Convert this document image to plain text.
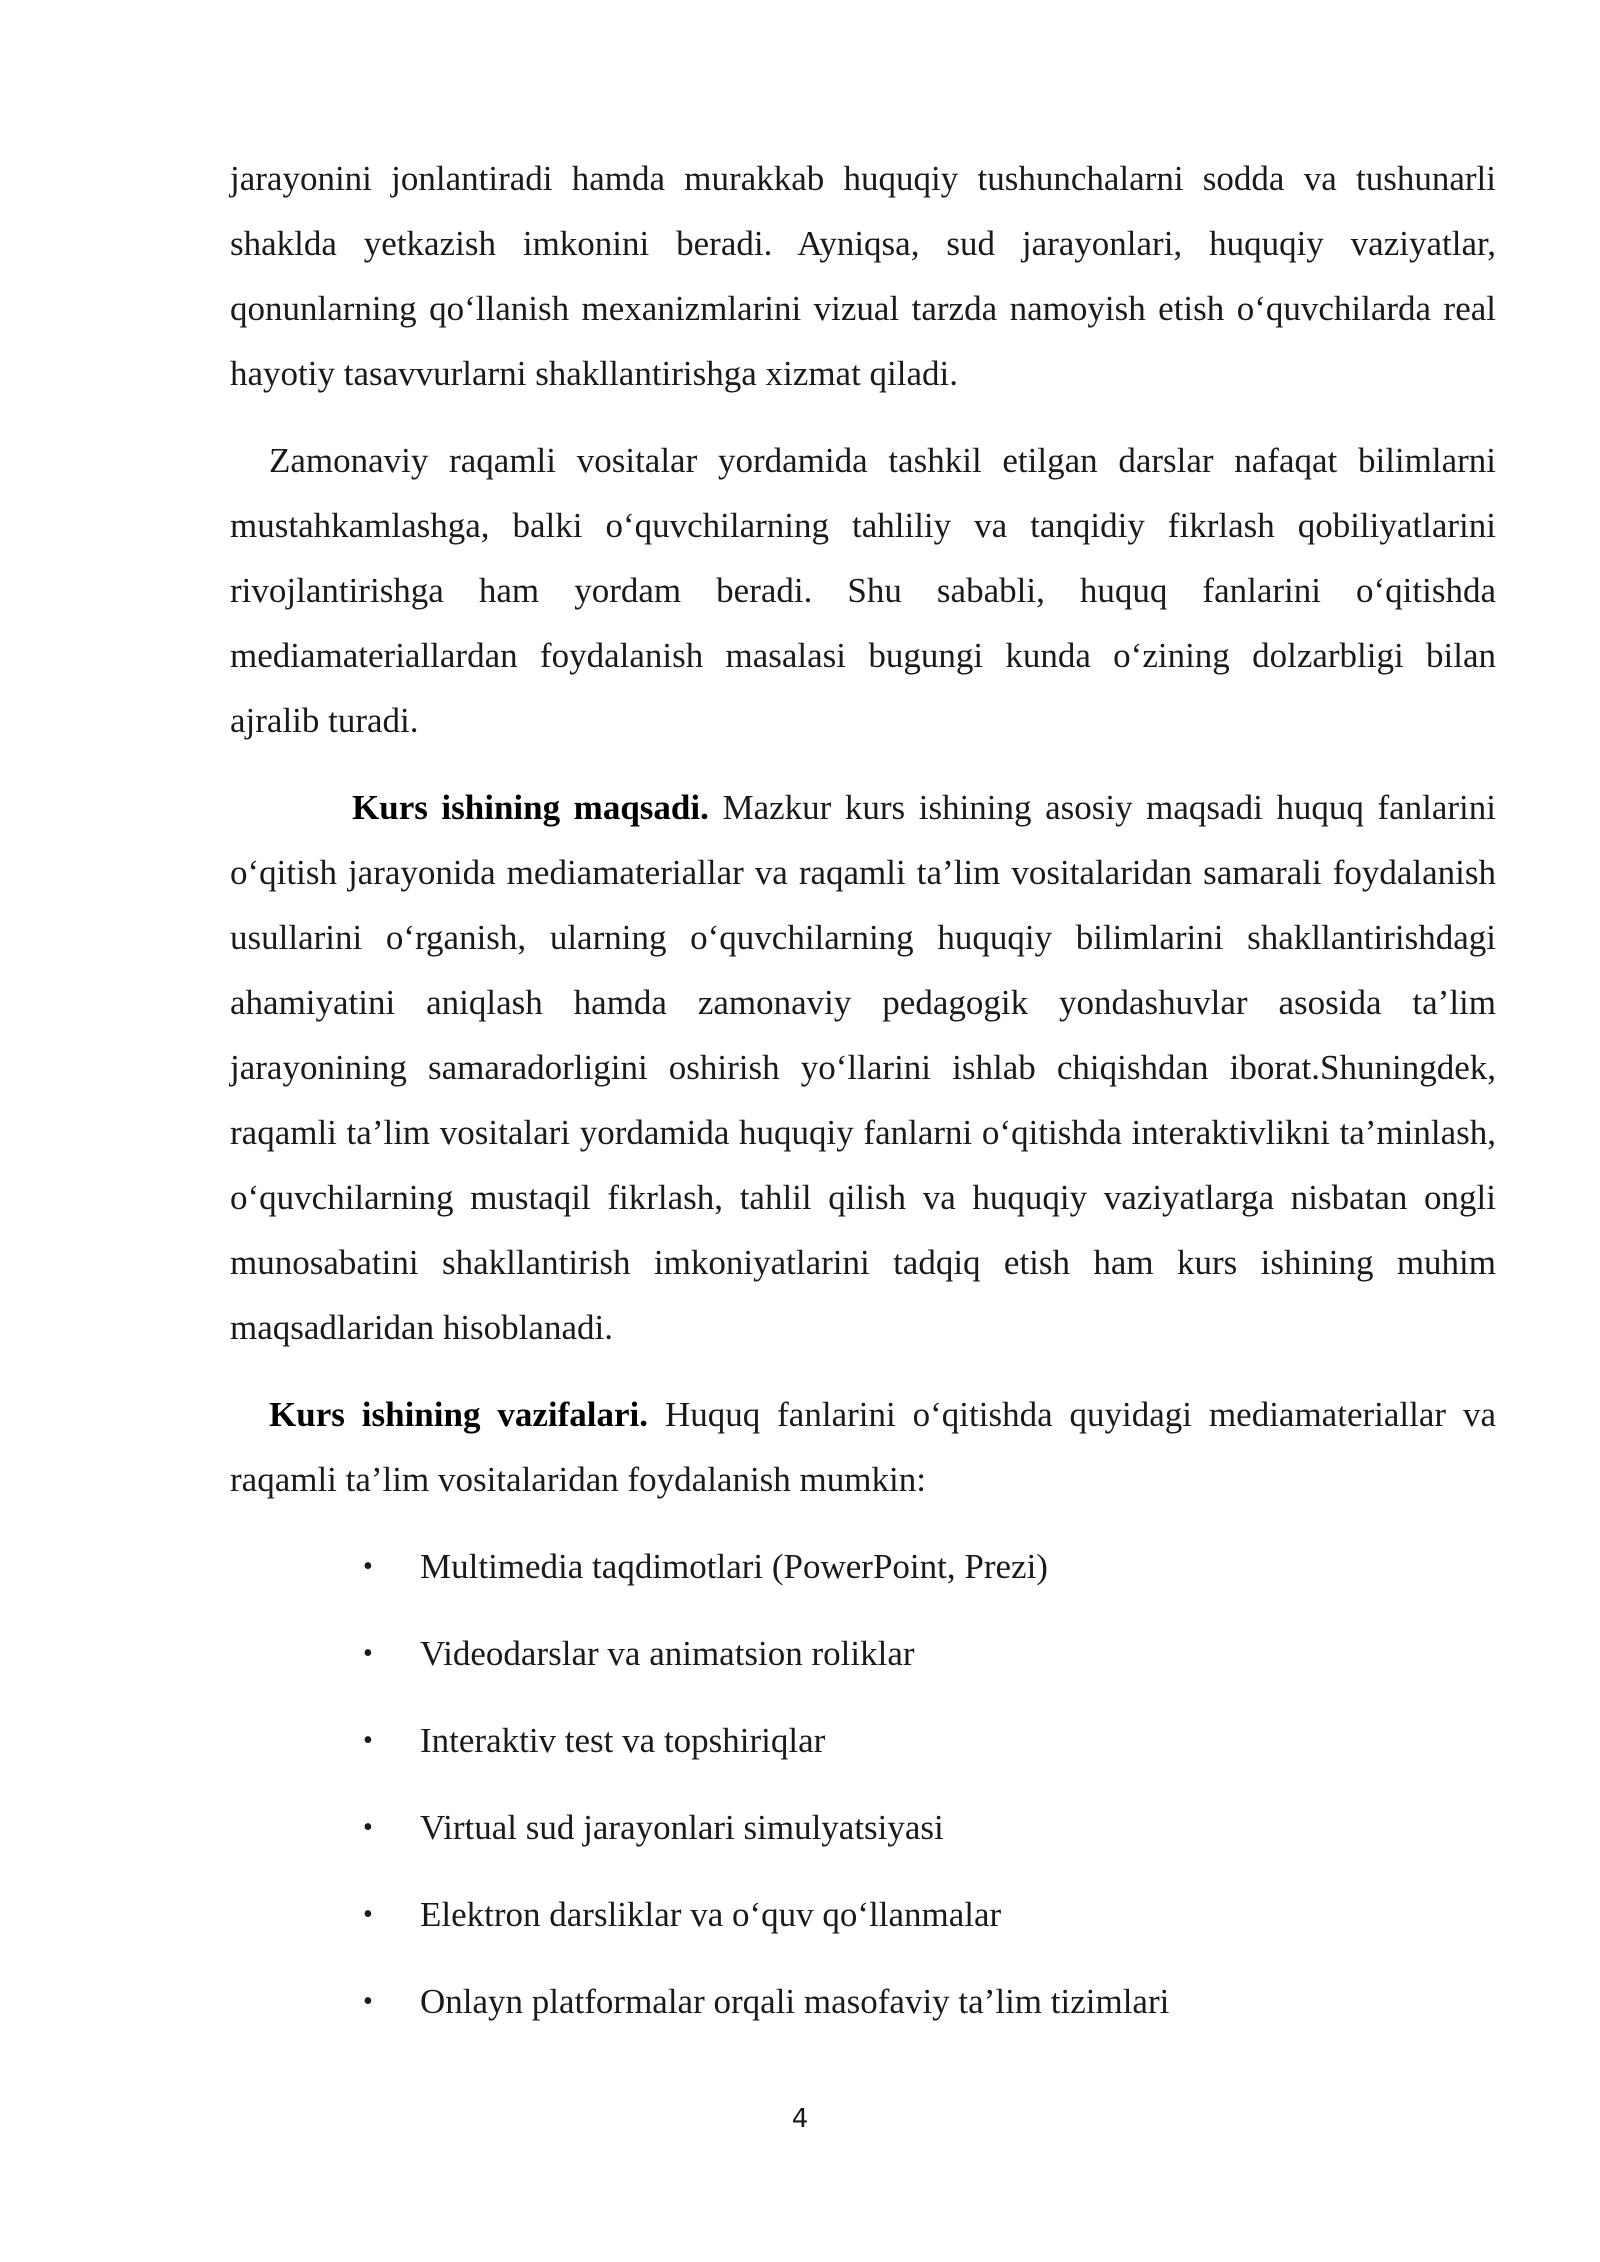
jarayonini jonlantiradi hamda murakkab huquqiy tushunchalarni sodda va tushunarli shaklda yetkazish imkonini beradi. Ayniqsa, sud jarayonlari, huquqiy vaziyatlar, qonunlarning qo‘llanish mexanizmlarini vizual tarzda namoyish etish o‘quvchilarda real hayotiy tasavvurlarni shakllantirishga xizmat qiladi.

Zamonaviy raqamli vositalar yordamida tashkil etilgan darslar nafaqat bilimlarni mustahkamlashga, balki o‘quvchilarning tahliliy va tanqidiy fikrlash qobiliyatlarini rivojlantirishga ham yordam beradi. Shu sababli, huquq fanlarini o‘qitishda mediamateriallardan foydalanish masalasi bugungi kunda o‘zining dolzarbligi bilan ajralib turadi.

Kurs ishining maqsadi. Mazkur kurs ishining asosiy maqsadi huquq fanlarini o‘qitish jarayonida mediamateriallar va raqamli ta’lim vositalaridan samarali foydalanish usullarini o‘rganish, ularning o‘quvchilarning huquqiy bilimlarini shakllantirishdagi ahamiyatini aniqlash hamda zamonaviy pedagogik yondashuvlar asosida ta’lim jarayonining samaradorligini oshirish yo‘llarini ishlab chiqishdan iborat.Shuningdek, raqamli ta’lim vositalari yordamida huquqiy fanlarni o‘qitishda interaktivlikni ta’minlash, o‘quvchilarning mustaqil fikrlash, tahlil qilish va huquqiy vaziyatlarga nisbatan ongli munosabatini shakllantirish imkoniyatlarini tadqiq etish ham kurs ishining muhim maqsadlaridan hisoblanadi.

Kurs ishining vazifalari. Huquq fanlarini o‘qitishda quyidagi mediamateriallar va raqamli ta’lim vositalaridan foydalanish mumkin:

• Multimedia taqdimotlari (PowerPoint, Prezi)
• Videodarslar va animatsion roliklar
• Interaktiv test va topshiriqlar
• Virtual sud jarayonlari simulyatsiyasi
• Elektron darsliklar va o‘quv qo‘llanmalar
• Onlayn platformalar orqali masofaviy ta’lim tizimlari
4
